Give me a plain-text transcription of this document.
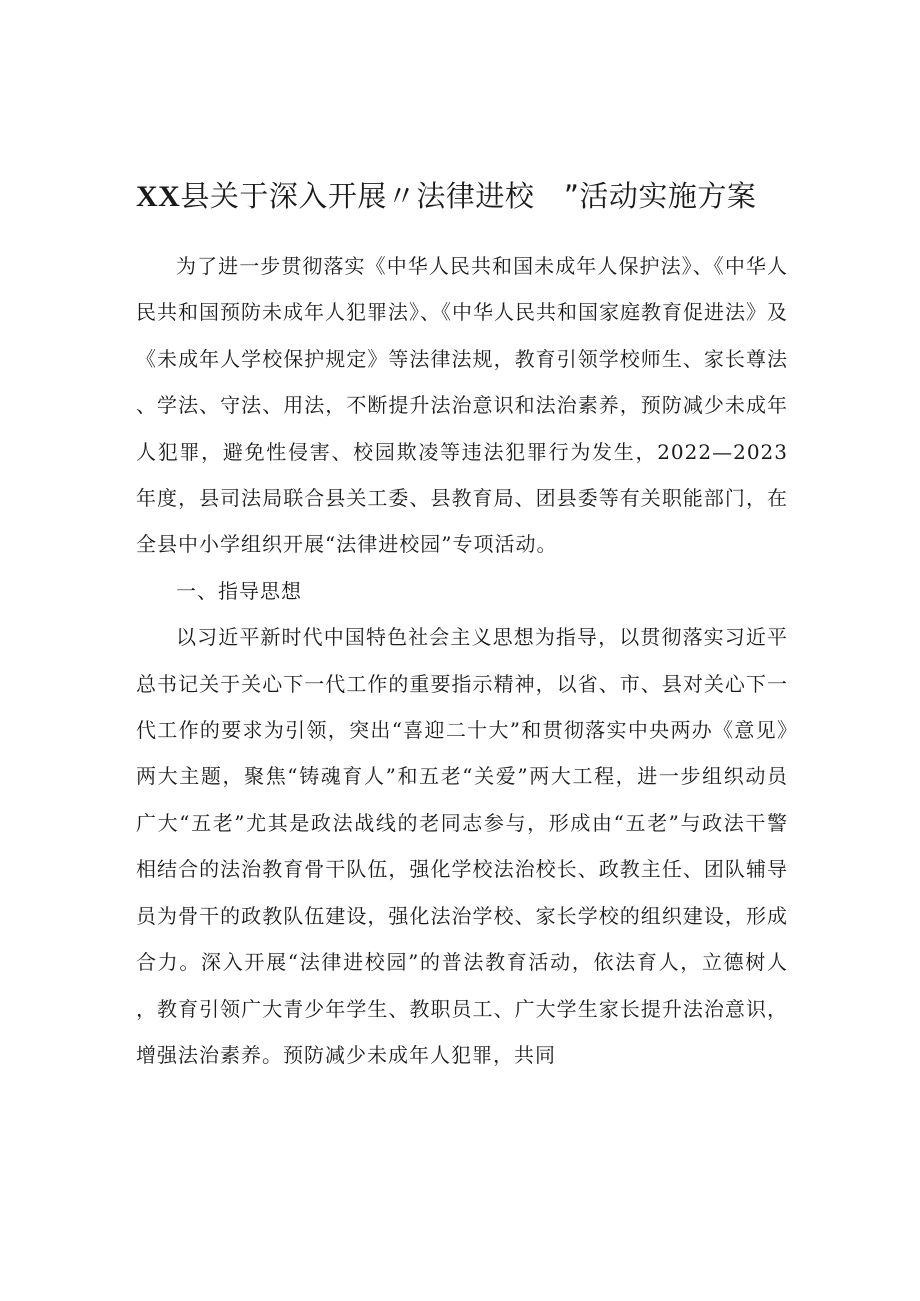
XX县关于深入开展〃法律进校　”活动实施方案

为了进一步贯彻落实《中华人民共和国未成年人保护法》、《中华人民共和国预防未成年人犯罪法》、《中华人民共和国家庭教育促进法》及《未成年人学校保护规定》等法律法规，教育引领学校师生、家长尊法、学法、守法、用法，不断提升法治意识和法治素养，预防减少未成年人犯罪，避免性侵害、校园欺凌等违法犯罪行为发生，2022—2023年度，县司法局联合县关工委、县教育局、团县委等有关职能部门，在全县中小学组织开展“法律进校园”专项活动。

一、指导思想

以习近平新时代中国特色社会主义思想为指导，以贯彻落实习近平总书记关于关心下一代工作的重要指示精神，以省、市、县对关心下一代工作的要求为引领，突出“喜迎二十大”和贯彻落实中央两办《意见》两大主题，聚焦“铸魂育人”和五老“关爱”两大工程，进一步组织动员广大“五老”尤其是政法战线的老同志参与，形成由“五老”与政法干警相结合的法治教育骨干队伍，强化学校法治校长、政教主任、团队辅导员为骨干的政教队伍建设，强化法治学校、家长学校的组织建设，形成合力。深入开展“法律进校园”的普法教育活动，依法育人，立德树人，教育引领广大青少年学生、教职员工、广大学生家长提升法治意识，增强法治素养。预防减少未成年人犯罪，共同
